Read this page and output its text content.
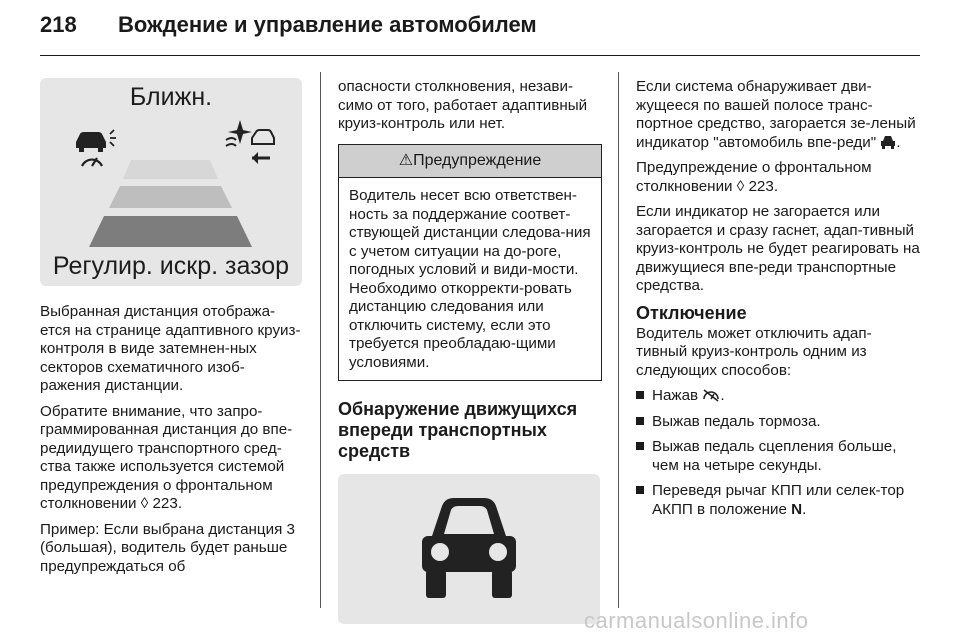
218 Вождение и управление автомобилем
Ближн.
Регулир. искр. зазор

Выбранная дистанция отобража-ется на странице адаптивного круиз-контроля в виде затемнен-ных секторов схематичного изоб-ражения дистанции.

Обратите внимание, что запро-граммированная дистанция до впе-редиидущего транспортного сред-ства также используется системой предупреждения о фронтальном столкновении ◊ 223.

Пример: Если выбрана дистанция 3 (большая), водитель будет раньше предупреждаться об

опасности столкновения, незави-симо от того, работает адаптивный круиз-контроль или нет.

⚠Предупреждение
Водитель несет всю ответствен-ность за поддержание соответ-ствующей дистанции следова-ния с учетом ситуации на до-роге, погодных условий и види-мости. Необходимо откорректи-ровать дистанцию следования или отключить систему, если это требуется преобладаю-щими условиями.
Обнаружение движущихся впереди транспортных средств

Если система обнаруживает дви-жущееся по вашей полосе транс-портное средство, загорается зе-леный индикатор "автомобиль впе-реди" .

Предупреждение о фронтальном столкновении ◊ 223.

Если индикатор не загорается или загорается и сразу гаснет, адап-тивный круиз-контроль не будет реагировать на движущиеся впе-реди транспортные средства.

Отключение

Водитель может отключить адап-тивный круиз-контроль одним из следующих способов:

Нажав .
Выжав педаль тормоза.
Выжав педаль сцепления больше, чем на четыре секунды.
Переведя рычаг КПП или селек-тор АКПП в положение N.
carmanualsonline.info
